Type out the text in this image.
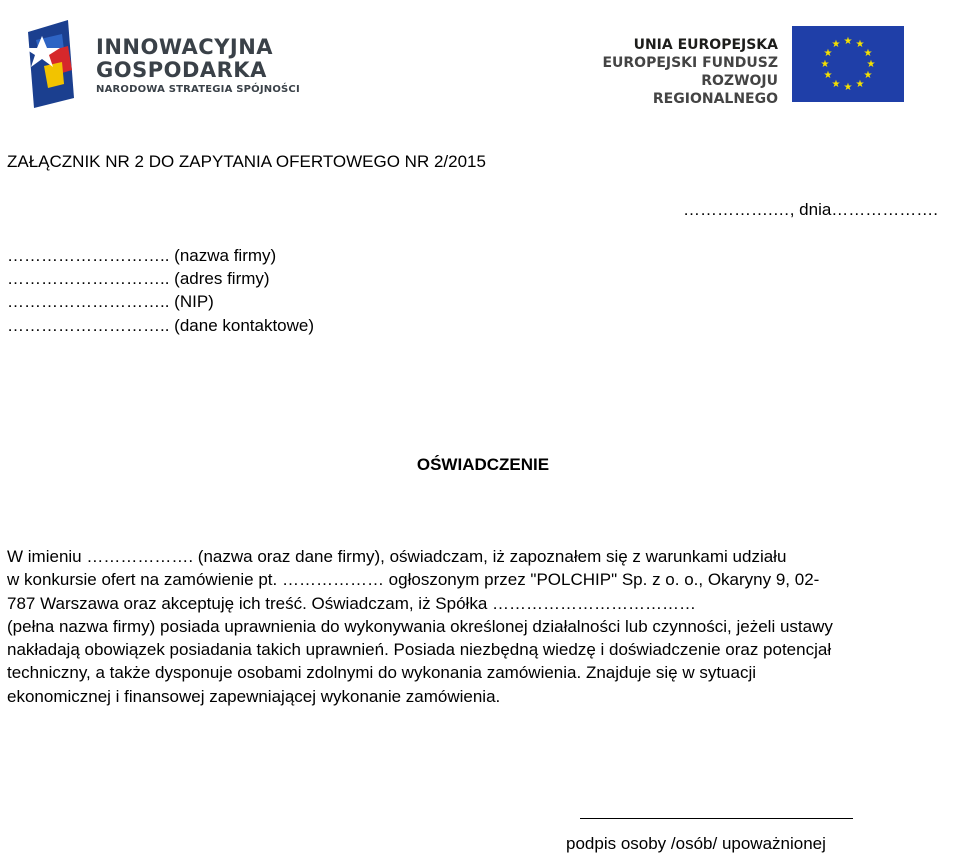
INNOWACYJNA
GOSPODARKA
NARODOWA STRATEGIA SPÓJNOŚCI
UNIA EUROPEJSKA
EUROPEJSKI FUNDUSZ
ROZWOJU REGIONALNEGO
★ ★
★
★
★
★
★
★
★
★
★
★
ZAŁĄCZNIK NR 2 DO ZAPYTANIA OFERTOWEGO NR 2/2015
…………….…, dnia……………….
……………………….. (nazwa firmy)
……………………….. (adres firmy)
……………………….. (NIP)
……………………….. (dane kontaktowe)
OŚWIADCZENIE
W imieniu ………………. (nazwa oraz dane firmy), oświadczam, iż zapoznałem się z warunkami udziału
w konkursie ofert na zamówienie pt. ……………… ogłoszonym przez "POLCHIP" Sp. z o. o., Okaryny 9, 02-
787 Warszawa oraz akceptuję ich treść. Oświadczam, iż Spółka ………………………………
(pełna nazwa firmy) posiada uprawnienia do wykonywania określonej działalności lub czynności, jeżeli ustawy
nakładają obowiązek posiadania takich uprawnień. Posiada niezbędną wiedzę i doświadczenie oraz potencjał
techniczny, a także dysponuje osobami zdolnymi do wykonania zamówienia. Znajduje się w sytuacji
ekonomicznej i finansowej zapewniającej wykonanie zamówienia.
podpis osoby /osób/ upoważnionej
